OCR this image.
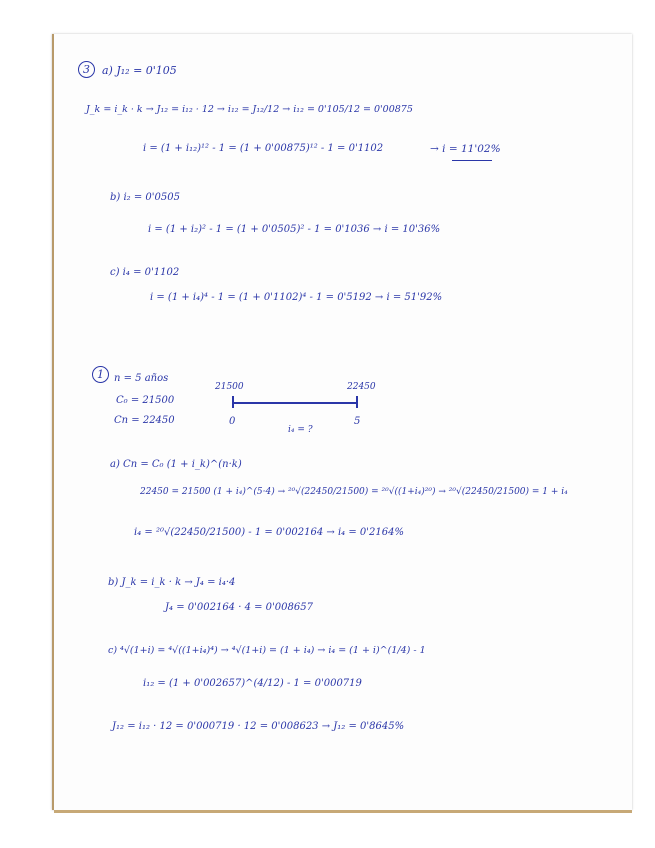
3	a) J₁₂ = 0'105
J_k = i_k · k → J₁₂ = i₁₂ · 12 → i₁₂ = J₁₂/12 → i₁₂ = 0'105/12 = 0'00875
i = (1 + i₁₂)¹² - 1 = (1 + 0'00875)¹² - 1 = 0'1102	→ i = 11'02%
b) i₂ = 0'0505
i = (1 + i₂)² - 1 = (1 + 0'0505)² - 1 = 0'1036 → i = 10'36%
c) i₄ = 0'1102
i = (1 + i₄)⁴ - 1 = (1 + 0'1102)⁴ - 1 = 0'5192 → i = 51'92%
1	n = 5 años
C₀ = 21500
Cn = 22450
21500	22450
0	5
i₄ = ?
a) Cn = C₀ (1 + i_k)^(n·k)
22450 = 21500 (1 + i₄)^(5·4) → ²⁰√(22450/21500) = ²⁰√((1+i₄)²⁰) → ²⁰√(22450/21500) = 1 + i₄
i₄ = ²⁰√(22450/21500) - 1 = 0'002164 → i₄ = 0'2164%
b) J_k = i_k · k → J₄ = i₄·4
J₄ = 0'002164 · 4 = 0'008657
c) ⁴√(1+i) = ⁴√((1+i₄)⁴) → ⁴√(1+i) = (1 + i₄) → i₄ = (1 + i)^(1/4) - 1
i₁₂ = (1 + 0'002657)^(4/12) - 1 = 0'000719
J₁₂ = i₁₂ · 12 = 0'000719 · 12 = 0'008623 → J₁₂ = 0'8645%
